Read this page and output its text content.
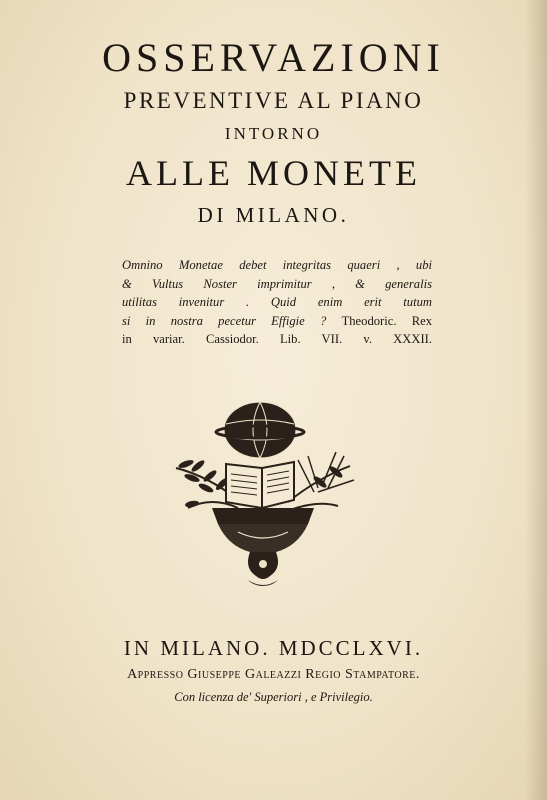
OSSERVAZIONI
PREVENTIVE AL PIANO
INTORNO
ALLE MONETE
DI MILANO.
Omnino Monetae debet integritas quaeri , ubi
& Vultus Noster imprimitur , & generalis
utilitas invenitur . Quid enim erit tutum
si in nostra pecetur Effigie ? Theodoric. Rex
in variar. Cassiodor. Lib. VII. v. XXXII.
IN MILANO. MDCCLXVI.
Appresso Giuseppe Galeazzi Regio Stampatore.
Con licenza de' Superiori , e Privilegio.
